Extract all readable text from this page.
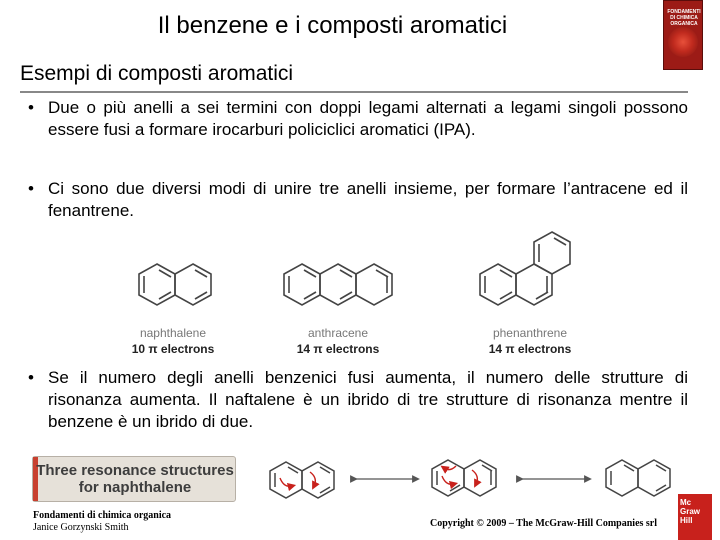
Il benzene e i composti aromatici	FONDAMENTI DI CHIMICA ORGANICA
Esempi di composti aromatici
• Due o più anelli a sei termini con doppi legami alternati a legami singoli possono essere fusi a formare irocarburi policiclici aromatici (IPA).
• Ci sono due diversi modi di unire tre anelli insieme, per formare l’antracene ed il fenantrene.
naphthalene
10 π electrons
anthracene
14 π electrons
phenanthrene
14 π electrons
• Se il numero degli anelli benzenici fusi aumenta, il numero delle strutture di risonanza aumenta. Il naftalene è un ibrido di tre strutture di risonanza mentre il benzene è un ibrido di due.
Three resonance structures
for naphthalene
Fondamenti di chimica organica
Janice Gorzynski Smith	Copyright © 2009 – The McGraw-Hill Companies srl
Mc
Graw
Hill
